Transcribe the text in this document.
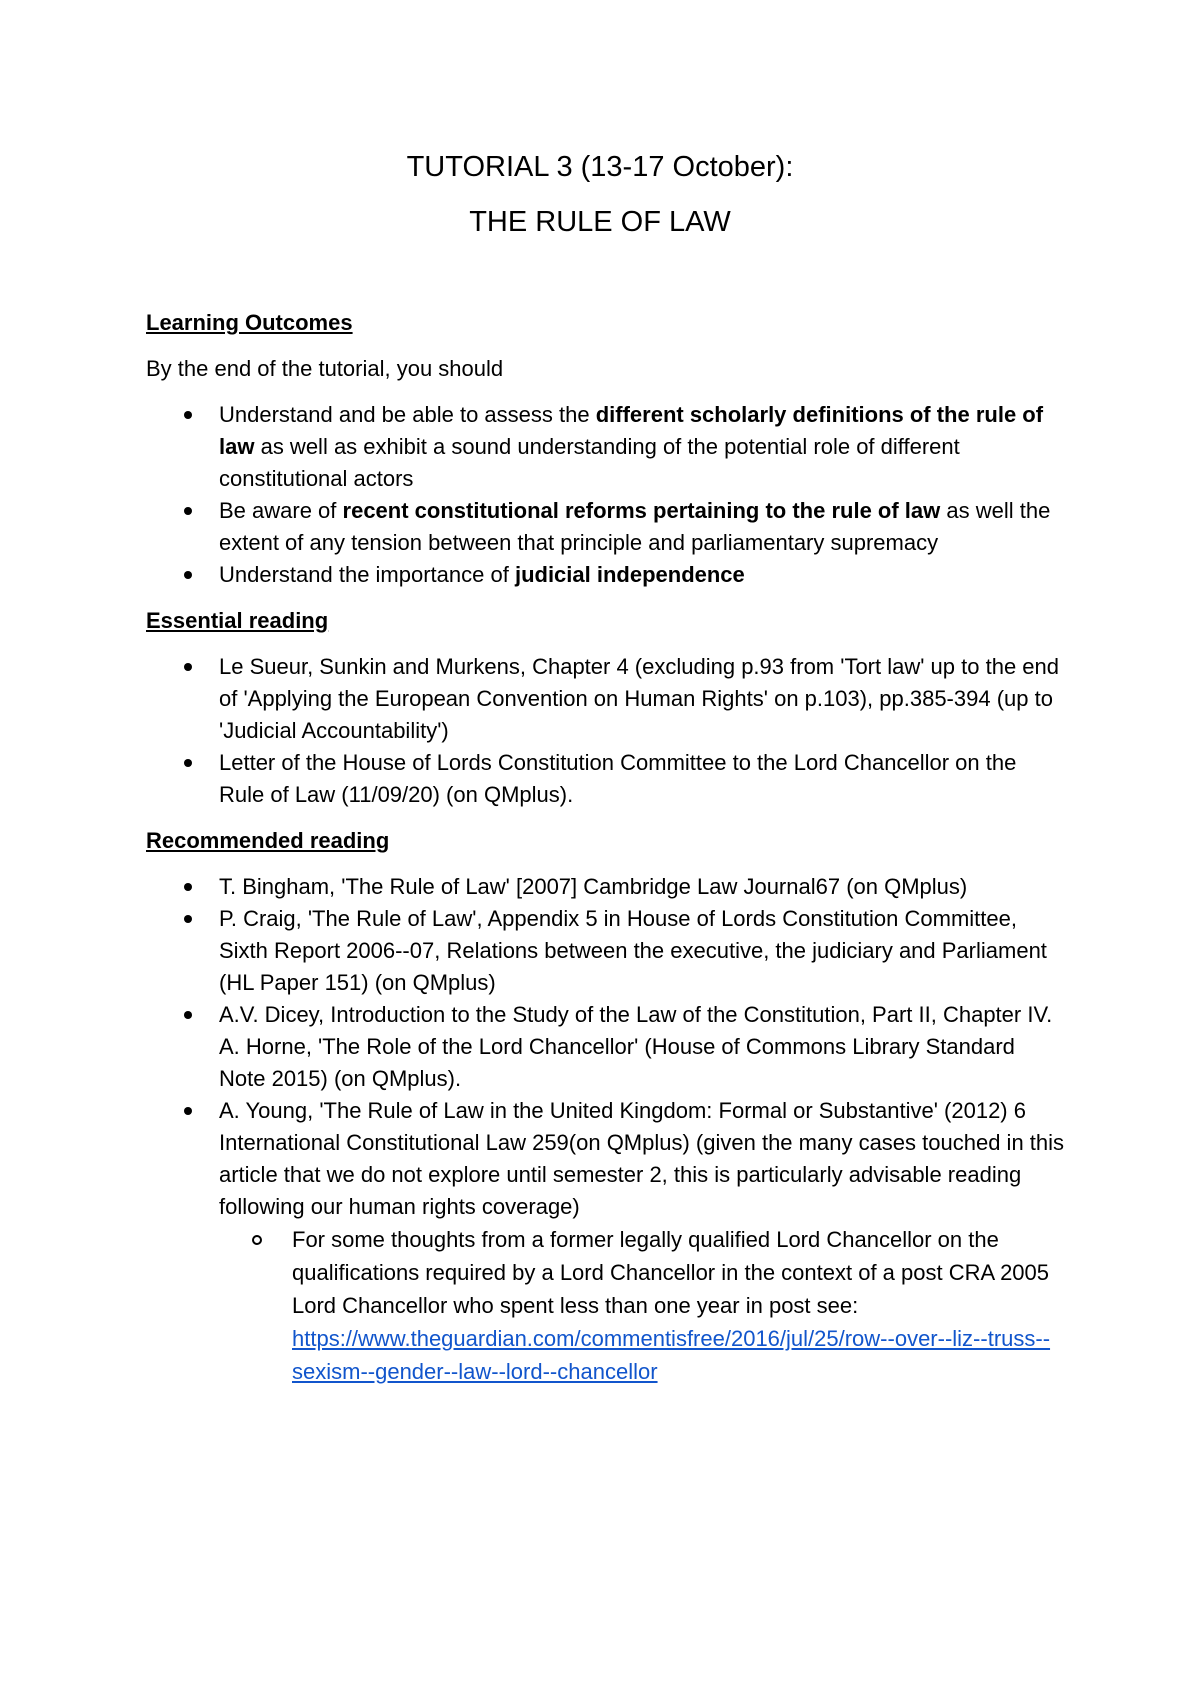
TUTORIAL 3 (13-17 October):
THE RULE OF LAW

Learning Outcomes

By the end of the tutorial, you should

Understand and be able to assess the different scholarly definitions of the rule of law as well as exhibit a sound understanding of the potential role of different constitutional actors
Be aware of recent constitutional reforms pertaining to the rule of law as well the extent of any tension between that principle and parliamentary supremacy
Understand the importance of judicial independence

Essential reading

Le Sueur, Sunkin and Murkens, Chapter 4 (excluding p.93 from 'Tort law' up to the end of 'Applying the European Convention on Human Rights' on p.103), pp.385-394 (up to 'Judicial Accountability')
Letter of the House of Lords Constitution Committee to the Lord Chancellor on the Rule of Law (11/09/20) (on QMplus).

Recommended reading

T. Bingham, 'The Rule of Law' [2007] Cambridge Law Journal67 (on QMplus)
P. Craig, 'The Rule of Law', Appendix 5 in House of Lords Constitution Committee, Sixth Report 2006--07, Relations between the executive, the judiciary and Parliament (HL Paper 151) (on QMplus)
A.V. Dicey, Introduction to the Study of the Law of the Constitution, Part II, Chapter IV. A. Horne, 'The Role of the Lord Chancellor' (House of Commons Library Standard Note 2015) (on QMplus).
A. Young, 'The Rule of Law in the United Kingdom: Formal or Substantive' (2012) 6 International Constitutional Law 259(on QMplus) (given the many cases touched in this article that we do not explore until semester 2, this is particularly advisable reading following our human rights coverage)
For some thoughts from a former legally qualified Lord Chancellor on the qualifications required by a Lord Chancellor in the context of a post CRA 2005 Lord Chancellor who spent less than one year in post see: https://www.theguardian.com/commentisfree/2016/jul/25/row--over--liz--truss--sexism--gender--law--lord--chancellor
